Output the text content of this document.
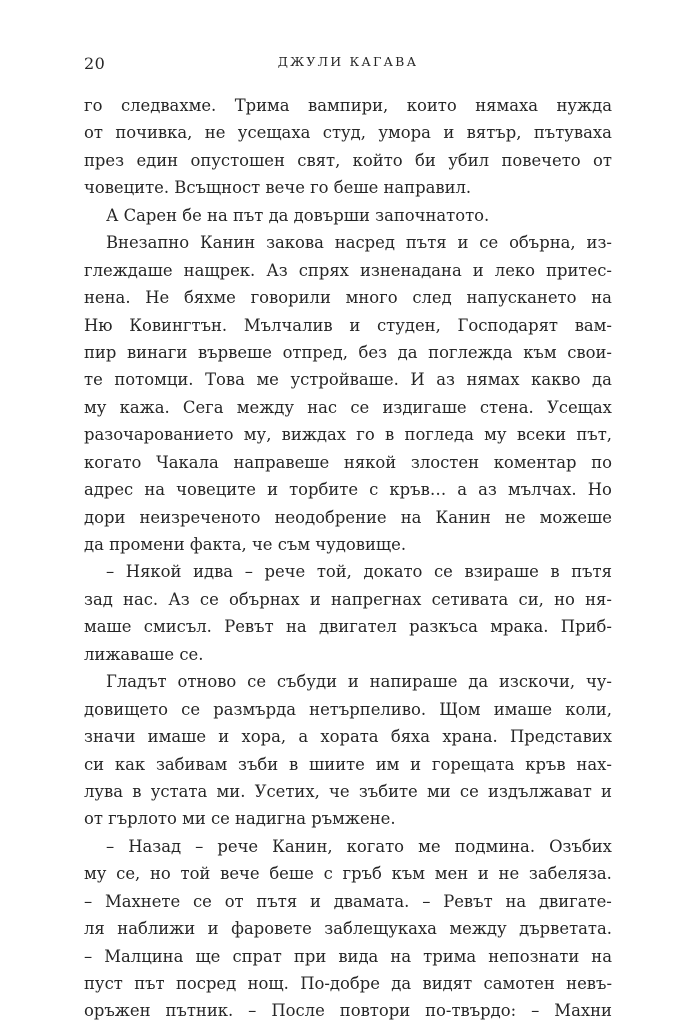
20	ДЖУЛИ КАГАВА
го следвахме. Трима вампири, които нямаха нужда
от почивка, не усещаха студ, умора и вятър, пътуваха
през един опустошен свят, който би убил повечето от
човеците. Всъщност вече го беше направил.
А Сарен бе на път да довърши започнатото.
Внезапно Канин закова насред пътя и се обърна, из-
глеждаше нащрек. Аз спрях изненадана и леко притес-
нена. Не бяхме говорили много след напускането на
Ню Ковингтън. Мълчалив и студен, Господарят вам-
пир винаги вървеше отпред, без да поглежда към свои-
те потомци. Това ме устройваше. И аз нямах какво да
му кажа. Сега между нас се издигаше стена. Усещах
разочарованието му, виждах го в погледа му всеки път,
когато Чакала направеше някой злостен коментар по
адрес на човеците и торбите с кръв… а аз мълчах. Но
дори неизреченото неодобрение на Канин не можеше
да промени факта, че съм чудовище.
– Някой идва – рече той, докато се взираше в пътя
зад нас. Аз се обърнах и напрегнах сетивата си, но ня-
маше смисъл. Ревът на двигател разкъса мрака. Приб-
лижаваше се.
Гладът отново се събуди и напираше да изскочи, чу-
довището се размърда нетърпеливо. Щом имаше коли,
значи имаше и хора, а хората бяха храна. Представих
си как забивам зъби в шиите им и горещата кръв нах-
лува в устата ми. Усетих, че зъбите ми се издължават и
от гърлото ми се надигна ръмжене.
– Назад – рече Канин, когато ме подмина. Озъбих
му се, но той вече беше с гръб към мен и не забеляза.
– Махнете се от пътя и двамата. – Ревът на двигате-
ля наближи и фаровете заблещукаха между дърветата.
– Малцина ще спрат при вида на трима непознати на
пуст път посред нощ. По-добре да видят самотен невъ-
оръжен пътник. – После повтори по-твърдо: – Махни
